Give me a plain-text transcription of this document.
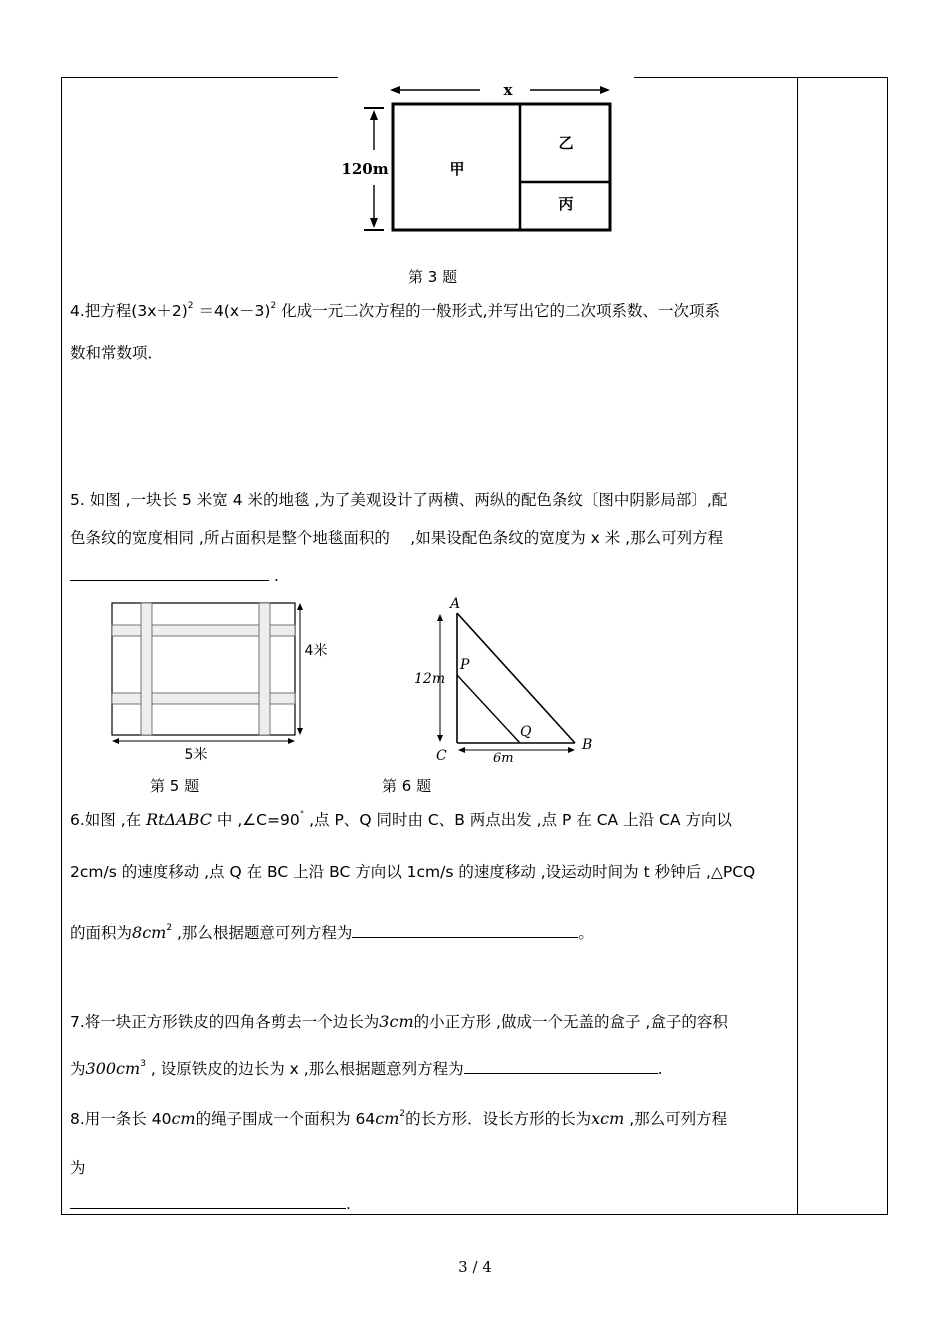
x
120m	甲
乙
丙
第 3 题
4.把方程$(3x+2)^2 =4(x-3)^2$ 化成一元二次方程的一般形式,并写出它的二次项系数、一次项系
数和常数项．
5. 如图 ,一块长 5 米宽 4 米的地毯 ,为了美观设计了两横、两纵的配色条纹〔图中阴影局部〕,配
色条纹的宽度相同 ,所占面积是整个地毯面积的　 ,如果设配色条纹的宽度为 x 米 ,那么可列方程
.
4米
5米
第 5 题
A
B
C
P
Q
12m
6m
第 6 题
6.如图 ,在 RtΔABC 中 ,∠C=90° ,点 P、Q 同时由 C、B 两点出发 ,点 P 在 CA 上沿 CA 方向以
2cm/s 的速度移动 ,点 Q 在 BC 上沿 BC 方向以 1cm/s 的速度移动 ,设运动时间为 t 秒钟后 ,△PCQ
的面积为$8cm^2$ ,那么根据题意可列方程为	。
7.将一块正方形铁皮的四角各剪去一个边长为3cm的小正方形 ,做成一个无盖的盒子 ,盒子的容积
为$300cm^3$ , 设原铁皮的边长为 x ,那么根据题意列方程为	.
8.用一条长 40cm的绳子围成一个面积为 $64cm^2$的长方形．设长方形的长为xcm ,那么可列方程
为
.
3 / 4
